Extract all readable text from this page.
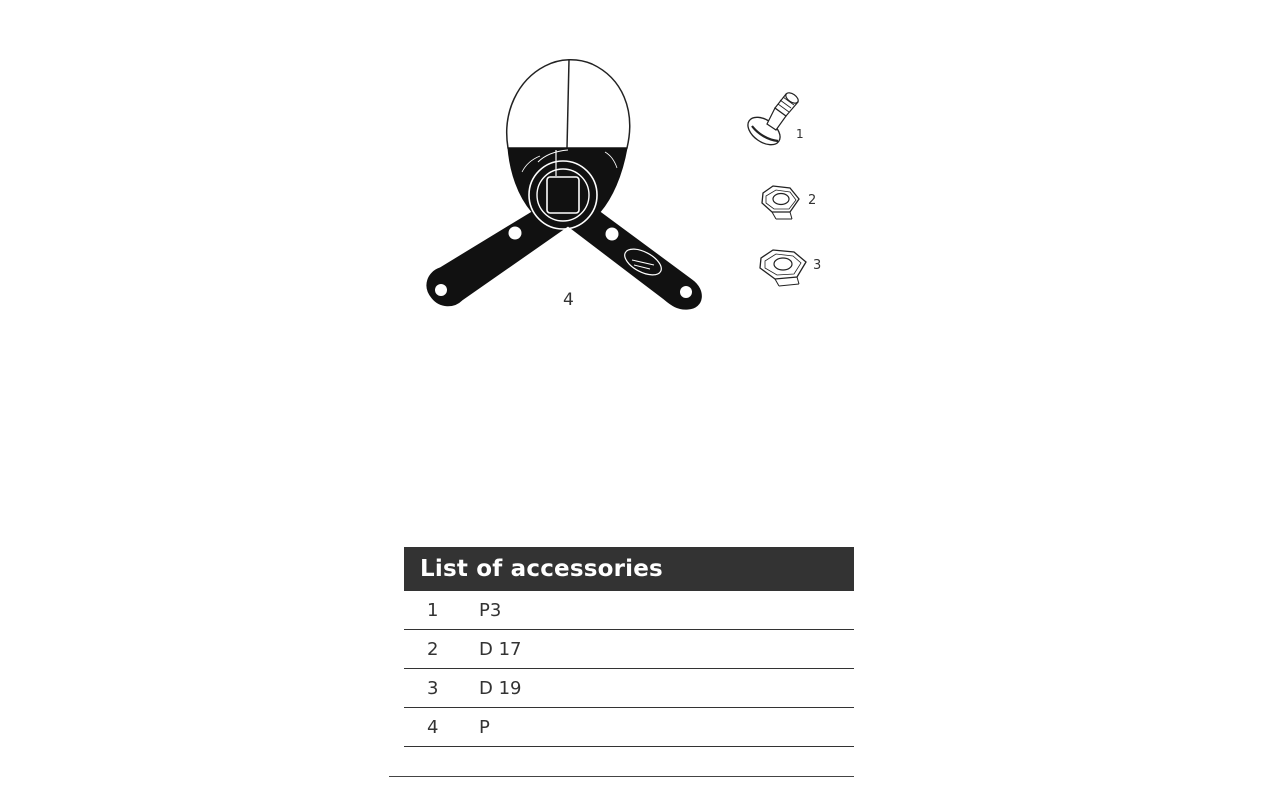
1
2
3
4
List of accessories
1	P3
2	D 17
3	D 19
4	P
